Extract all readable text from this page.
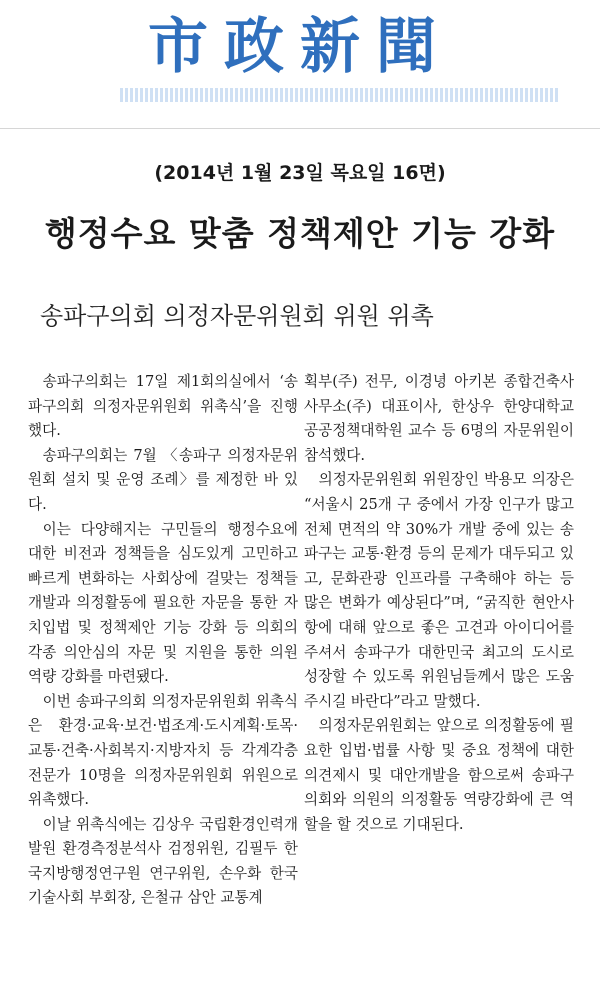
市政新聞
(2014년 1월 23일 목요일 16면)
행정수요 맞춤 정책제안 기능 강화
송파구의회 의정자문위원회 위원 위촉

송파구의회는 17일 제1회의실에서 ‘송파구의회 의정자문위원회 위촉식’을 진행했다.

송파구의회는 7월 〈송파구 의정자문위원회 설치 및 운영 조례〉를 제정한 바 있다.

이는 다양해지는 구민들의 행정수요에 대한 비전과 정책들을 심도있게 고민하고 빠르게 변화하는 사회상에 걸맞는 정책들 개발과 의정활동에 필요한 자문을 통한 자치입법 및 정책제안 기능 강화 등 의회의 각종 의안심의 자문 및 지원을 통한 의원 역량 강화를 마련됐다.

이번 송파구의회 의정자문위원회 위촉식은 환경·교육·보건·법조계·도시계획·토목·교통·건축·사회복지·지방자치 등 각계각층 전문가 10명을 의정자문위원회 위원으로 위촉했다.

이날 위촉식에는 김상우 국립환경인력개발원 환경측정분석사 검정위원, 김필두 한국지방행정연구원 연구위원, 손우화 한국기술사회 부회장, 은철규 삼안 교통계

획부(주) 전무, 이경녕 아키본 종합건축사사무소(주) 대표이사, 한상우 한양대학교 공공정책대학원 교수 등 6명의 자문위원이 참석했다.

의정자문위원회 위원장인 박용모 의장은 “서울시 25개 구 중에서 가장 인구가 많고 전체 면적의 약 30%가 개발 중에 있는 송파구는 교통·환경 등의 문제가 대두되고 있고, 문화관광 인프라를 구축해야 하는 등 많은 변화가 예상된다”며, “굵직한 현안사항에 대해 앞으로 좋은 고견과 아이디어를 주셔서 송파구가 대한민국 최고의 도시로 성장할 수 있도록 위원님들께서 많은 도움 주시길 바란다”라고 말했다.

의정자문위원회는 앞으로 의정활동에 필요한 입법·법률 사항 및 중요 정책에 대한 의견제시 및 대안개발을 함으로써 송파구의회와 의원의 의정활동 역량강화에 큰 역할을 할 것으로 기대된다.
